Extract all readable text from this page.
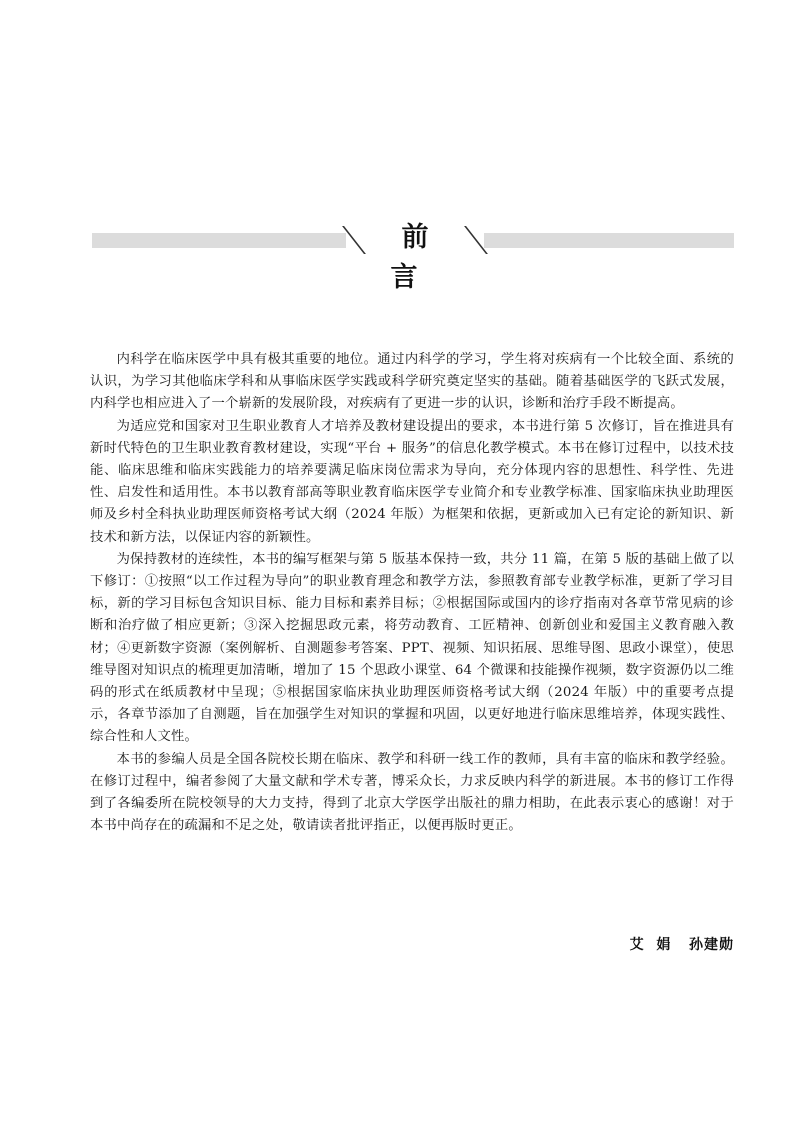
前 言

内科学在临床医学中具有极其重要的地位。通过内科学的学习，学生将对疾病有一个比较全面、系统的认识，为学习其他临床学科和从事临床医学实践或科学研究奠定坚实的基础。随着基础医学的飞跃式发展，内科学也相应进入了一个崭新的发展阶段，对疾病有了更进一步的认识，诊断和治疗手段不断提高。

为适应党和国家对卫生职业教育人才培养及教材建设提出的要求，本书进行第 5 次修订，旨在推进具有新时代特色的卫生职业教育教材建设，实现“平台 + 服务”的信息化教学模式。本书在修订过程中，以技术技能、临床思维和临床实践能力的培养要满足临床岗位需求为导向，充分体现内容的思想性、科学性、先进性、启发性和适用性。本书以教育部高等职业教育临床医学专业简介和专业教学标准、国家临床执业助理医师及乡村全科执业助理医师资格考试大纲（2024 年版）为框架和依据，更新或加入已有定论的新知识、新技术和新方法，以保证内容的新颖性。

为保持教材的连续性，本书的编写框架与第 5 版基本保持一致，共分 11 篇，在第 5 版的基础上做了以下修订：①按照“以工作过程为导向”的职业教育理念和教学方法，参照教育部专业教学标准，更新了学习目标，新的学习目标包含知识目标、能力目标和素养目标；②根据国际或国内的诊疗指南对各章节常见病的诊断和治疗做了相应更新；③深入挖掘思政元素，将劳动教育、工匠精神、创新创业和爱国主义教育融入教材；④更新数字资源（案例解析、自测题参考答案、PPT、视频、知识拓展、思维导图、思政小课堂），使思维导图对知识点的梳理更加清晰，增加了 15 个思政小课堂、64 个微课和技能操作视频，数字资源仍以二维码的形式在纸质教材中呈现；⑤根据国家临床执业助理医师资格考试大纲（2024 年版）中的重要考点提示，各章节添加了自测题，旨在加强学生对知识的掌握和巩固，以更好地进行临床思维培养，体现实践性、综合性和人文性。

本书的参编人员是全国各院校长期在临床、教学和科研一线工作的教师，具有丰富的临床和教学经验。在修订过程中，编者参阅了大量文献和学术专著，博采众长，力求反映内科学的新进展。本书的修订工作得到了各编委所在院校领导的大力支持，得到了北京大学医学出版社的鼎力相助，在此表示衷心的感谢！对于本书中尚存在的疏漏和不足之处，敬请读者批评指正，以便再版时更正。

艾  娟   孙建勋
